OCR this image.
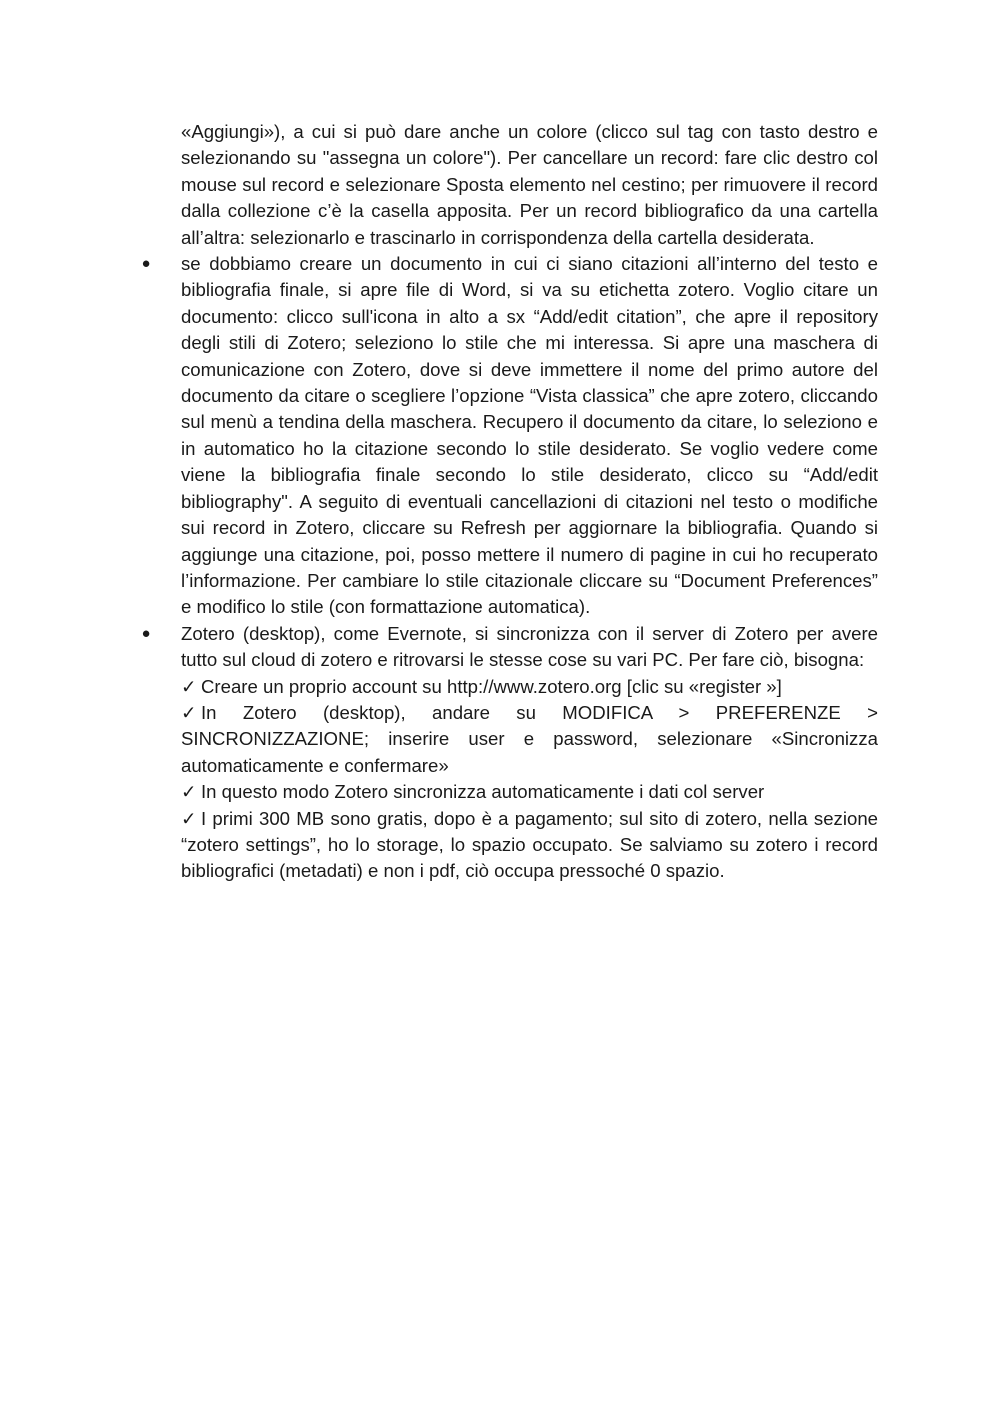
«Aggiungi»), a cui si può dare anche un colore (clicco sul tag con tasto destro e selezionando su "assegna un colore"). Per cancellare un record: fare clic destro col mouse sul record e selezionare Sposta elemento nel cestino; per rimuovere il record dalla collezione c’è la casella apposita. Per un record bibliografico da una cartella all’altra: selezionarlo e trascinarlo in corrispondenza della cartella desiderata.

● se dobbiamo creare un documento in cui ci siano citazioni all’interno del testo e bibliografia finale, si apre file di Word, si va su etichetta zotero. Voglio citare un documento: clicco sull'icona in alto a sx “Add/edit citation”, che apre il repository degli stili di Zotero; seleziono lo stile che mi interessa. Si apre una maschera di comunicazione con Zotero, dove si deve immettere il nome del primo autore del documento da citare o scegliere l’opzione “Vista classica” che apre zotero, cliccando sul menù a tendina della maschera. Recupero il documento da citare, lo seleziono e in automatico ho la citazione secondo lo stile desiderato. Se voglio vedere come viene la bibliografia finale secondo lo stile desiderato, clicco su “Add/edit bibliography". A seguito di eventuali cancellazioni di citazioni nel testo o modifiche sui record in Zotero, cliccare su Refresh per aggiornare la bibliografia. Quando si aggiunge una citazione, poi, posso mettere il numero di pagine in cui ho recuperato l’informazione. Per cambiare lo stile citazionale cliccare su “Document Preferences” e modifico lo stile (con formattazione automatica).

● Zotero (desktop), come Evernote, si sincronizza con il server di Zotero per avere tutto sul cloud di zotero e ritrovarsi le stesse cose su vari PC. Per fare ciò, bisogna:

✓ Creare un proprio account su http://www.zotero.org [clic su «register »]

✓ In Zotero (desktop), andare su MODIFICA > PREFERENZE > SINCRONIZZAZIONE; inserire user e password, selezionare «Sincronizza automaticamente e confermare»

✓ In questo modo Zotero sincronizza automaticamente i dati col server

✓ I primi 300 MB sono gratis, dopo è a pagamento; sul sito di zotero, nella sezione “zotero settings”, ho lo storage, lo spazio occupato. Se salviamo su zotero i record bibliografici (metadati) e non i pdf, ciò occupa pressoché 0 spazio.
